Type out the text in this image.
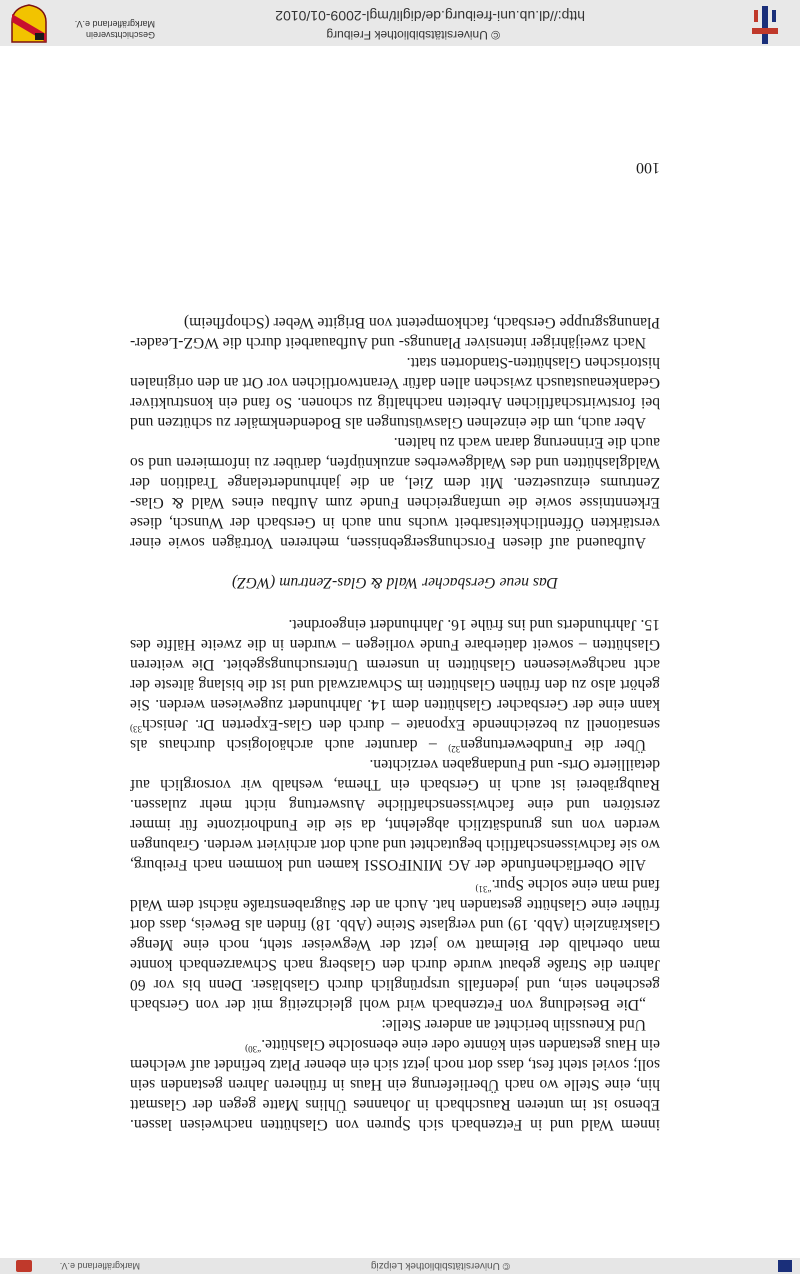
© Universitätsbibliothek Leipzig
Markgräflerland e.V.

innem Wald und in Fetzenbach sich Spuren von Glashütten nachweisen lassen. Ebenso ist im unteren Rauschbach in Johannes Ühlins Matte gegen der Glasmatt hin, eine Stelle wo nach Überlieferung ein Haus in früheren Jahren gestanden sein soll; soviel steht fest, dass dort noch jetzt sich ein ebener Platz befindet auf welchem ein Haus gestanden sein könnte oder eine ebensolche Glashütte.$^{“30)}$

Und Kneusslin berichtet an anderer Stelle:

„Die Besiedlung von Fetzenbach wird wohl gleichzeitig mit der von Gersbach geschehen sein, und jedenfalls ursprünglich durch Glasbläser. Denn bis vor 60 Jahren die Straße gebaut wurde durch den Glasberg nach Schwarzenbach konnte man oberhalb der Bielmatt wo jetzt der Wegweiser steht, noch eine Menge Glaskränzlein (Abb. 19) und verglaste Steine (Abb. 18) finden als Beweis, dass dort früher eine Glashütte gestanden hat. Auch an der Säugrabenstraße nächst dem Wald fand man eine solche Spur.$^{“31)}$

Alle Oberflächenfunde der AG MINIFOSSI kamen und kommen nach Freiburg, wo sie fachwissenschaftlich begutachtet und auch dort archiviert werden. Grabungen werden von uns grundsätzlich abgelehnt, da sie die Fundhorizonte für immer zerstören und eine fachwissenschaftliche Auswertung nicht mehr zulassen. Raubgräberei ist auch in Gersbach ein Thema, weshalb wir vorsorglich auf detaillierte Orts- und Fundangaben verzichten.

Über die Fundbewertungen$^{32)}$ – darunter auch archäologisch durchaus als sensationell zu bezeichnende Exponate – durch den Glas-Experten Dr. Jenisch$^{33)}$ kann eine der Gersbacher Glashütten dem 14. Jahrhundert zugewiesen werden. Sie gehört also zu den frühen Glashütten im Schwarzwald und ist die bislang älteste der acht nachgewiesenen Glashütten in unserem Untersuchungsgebiet. Die weiteren Glashütten – soweit datierbare Funde vorliegen – wurden in die zweite Hälfte des 15. Jahrhunderts und ins frühe 16. Jahrhundert eingeordnet.

Das neue Gersbacher Wald & Glas-Zentrum (WGZ)

Aufbauend auf diesen Forschungsergebnissen, mehreren Vorträgen sowie einer verstärkten Öffentlichkeitsarbeit wuchs nun auch in Gersbach der Wunsch, diese Erkenntnisse sowie die umfangreichen Funde zum Aufbau eines Wald & Glas-Zentrums einzusetzen. Mit dem Ziel, an die jahrhundertelange Tradition der Waldglashütten und des Waldgewerbes anzuknüpfen, darüber zu informieren und so auch die Erinnerung daran wach zu halten.

Aber auch, um die einzelnen Glaswüstungen als Bodendenkmäler zu schützen und bei forstwirtschaftlichen Arbeiten nachhaltig zu schonen. So fand ein konstruktiver Gedankenaustausch zwischen allen dafür Verantwortlichen vor Ort an den originalen historischen Glashütten-Standorten statt.

Nach zweijähriger intensiver Planungs- und Aufbauarbeit durch die WGZ-Leader-Planungsgruppe Gersbach, fachkompetent von Brigitte Weber (Schopfheim)

100
© Universitätsbibliothek Freiburg
http://dl.ub.uni-freiburg.de/diglit/mgl-2009-01/0102
Geschichtsverein
Markgräflerland e.V.
